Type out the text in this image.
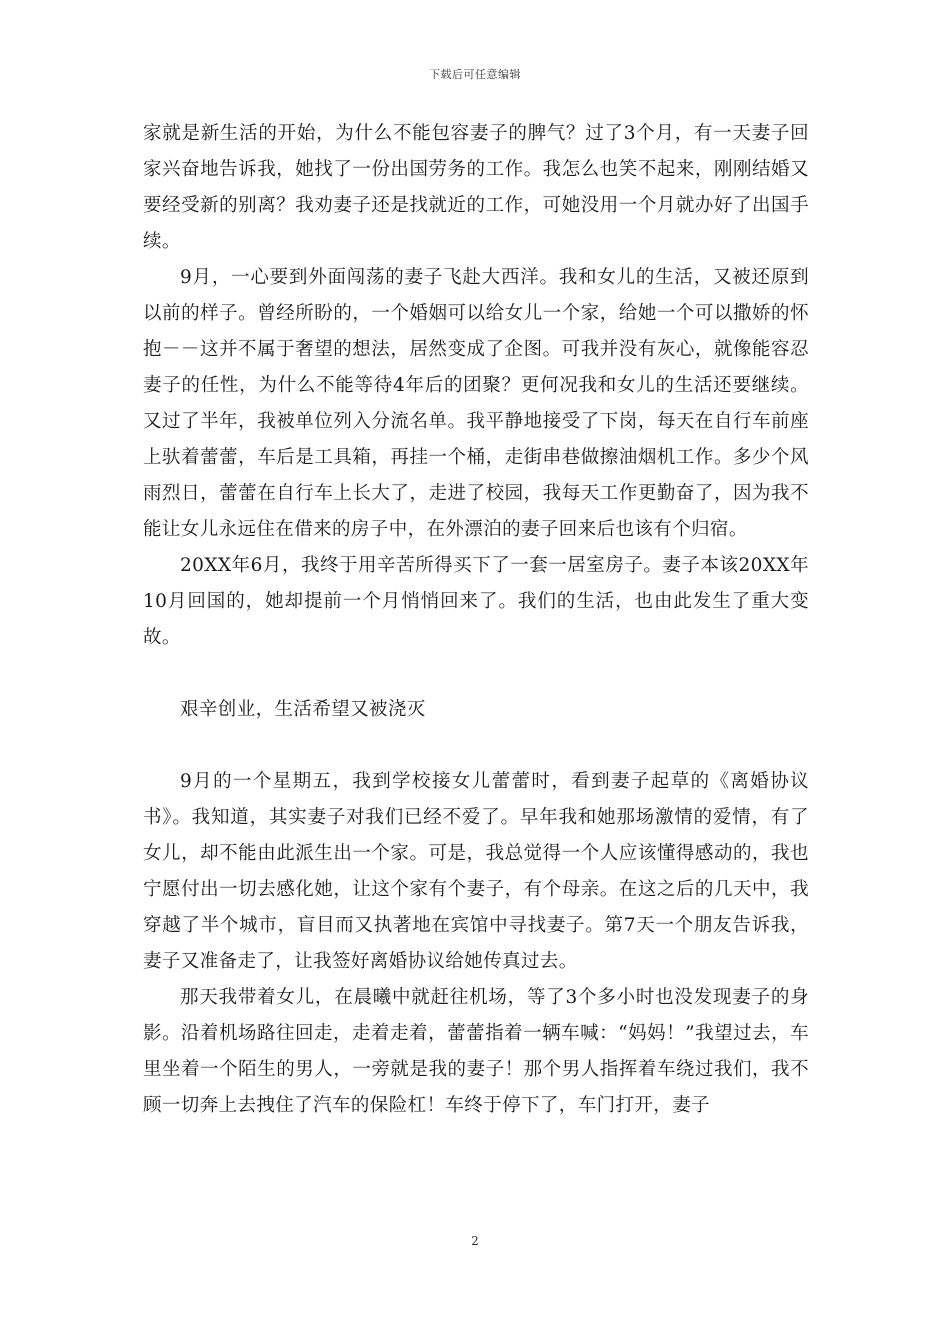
下载后可任意编辑

家就是新生活的开始，为什么不能包容妻子的脾气？过了3个月，有一天妻子回家兴奋地告诉我，她找了一份出国劳务的工作。我怎么也笑不起来，刚刚结婚又要经受新的别离？我劝妻子还是找就近的工作，可她没用一个月就办好了出国手续。

9月，一心要到外面闯荡的妻子飞赴大西洋。我和女儿的生活，又被还原到以前的样子。曾经所盼的，一个婚姻可以给女儿一个家，给她一个可以撒娇的怀抱－－这并不属于奢望的想法，居然变成了企图。可我并没有灰心，就像能容忍妻子的任性，为什么不能等待4年后的团聚？更何况我和女儿的生活还要继续。又过了半年，我被单位列入分流名单。我平静地接受了下岗，每天在自行车前座上驮着蕾蕾，车后是工具箱，再挂一个桶，走街串巷做擦油烟机工作。多少个风雨烈日，蕾蕾在自行车上长大了，走进了校园，我每天工作更勤奋了，因为我不能让女儿永远住在借来的房子中，在外漂泊的妻子回来后也该有个归宿。

20XX年6月，我终于用辛苦所得买下了一套一居室房子。妻子本该20XX年10月回国的，她却提前一个月悄悄回来了。我们的生活，也由此发生了重大变故。

艰辛创业，生活希望又被浇灭

9月的一个星期五，我到学校接女儿蕾蕾时，看到妻子起草的《离婚协议书》。我知道，其实妻子对我们已经不爱了。早年我和她那场激情的爱情，有了女儿，却不能由此派生出一个家。可是，我总觉得一个人应该懂得感动的，我也宁愿付出一切去感化她，让这个家有个妻子，有个母亲。在这之后的几天中，我穿越了半个城市，盲目而又执著地在宾馆中寻找妻子。第7天一个朋友告诉我，妻子又准备走了，让我签好离婚协议给她传真过去。

那天我带着女儿，在晨曦中就赶往机场，等了3个多小时也没发现妻子的身影。沿着机场路往回走，走着走着，蕾蕾指着一辆车喊：“妈妈！”我望过去，车里坐着一个陌生的男人，一旁就是我的妻子！那个男人指挥着车绕过我们，我不顾一切奔上去拽住了汽车的保险杠！车终于停下了，车门打开，妻子

2
